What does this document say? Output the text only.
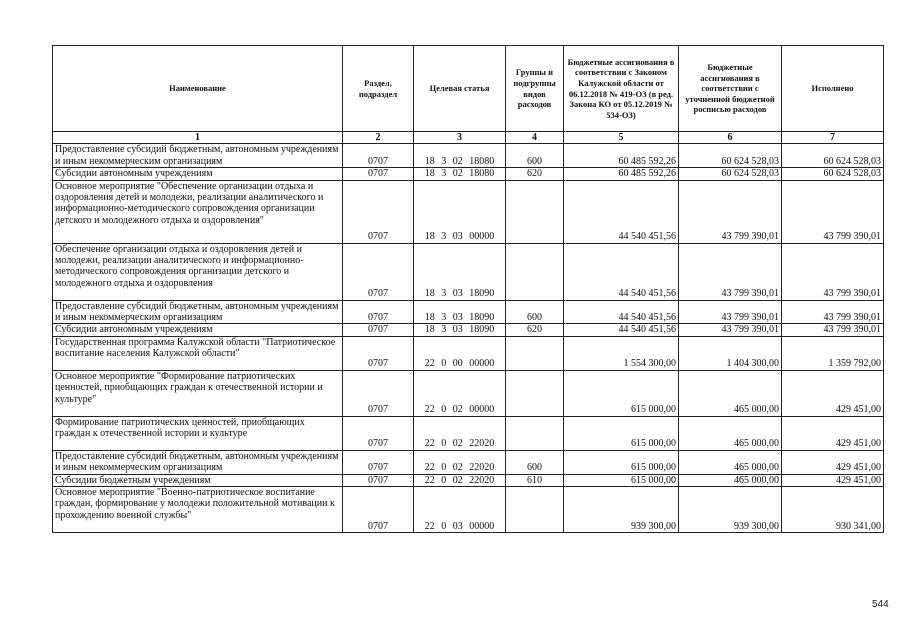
Наименование	Раздел, подраздел	Целевая статья	Группы и подгруппы видов расходов	Бюджетные ассигнования в соответствии с Законом Калужской области от 06.12.2018 № 419-ОЗ (в ред. Закона КО от 05.12.2019 № 534-ОЗ)	Бюджетные ассигнования в соответствии с уточненной бюджетной росписью расходов	Исполнено
1	2	3	4	5	6	7
Предоставление субсидий бюджетным, автономным учреждениям и иным некоммерческим организациям	0707	18 3 02 18080	600	60 485 592,26	60 624 528,03	60 624 528,03
Субсидии автономным учреждениям	0707	18 3 02 18080	620	60 485 592,26	60 624 528,03	60 624 528,03
Основное мероприятие "Обеспечение организации отдыха и оздоровления детей и молодежи, реализации аналитического и информационно-методического сопровождения организации детского и молодежного отдыха и оздоровления"	0707	18 3 03 00000		44 540 451,56	43 799 390,01	43 799 390,01
Обеспечение организации отдыха и оздоровления детей и молодежи, реализации аналитического и информационно-методического сопровождения организации детского и молодежного отдыха и оздоровления	0707	18 3 03 18090		44 540 451,56	43 799 390,01	43 799 390,01
Предоставление субсидий бюджетным, автономным учреждениям и иным некоммерческим организациям	0707	18 3 03 18090	600	44 540 451,56	43 799 390,01	43 799 390,01
Субсидии автономным учреждениям	0707	18 3 03 18090	620	44 540 451,56	43 799 390,01	43 799 390,01
Государственная программа Калужской области "Патриотическое воспитание населения Калужской области"	0707	22 0 00 00000		1 554 300,00	1 404 300,00	1 359 792,00
Основное мероприятие "Формирование патриотических ценностей, приобщающих граждан к отечественной истории и культуре"	0707	22 0 02 00000		615 000,00	465 000,00	429 451,00
Формирование патриотических ценностей, приобщающих граждан к отечественной истории и культуре	0707	22 0 02 22020		615 000,00	465 000,00	429 451,00
Предоставление субсидий бюджетным, автономным учреждениям и иным некоммерческим организациям	0707	22 0 02 22020	600	615 000,00	465 000,00	429 451,00
Субсидии бюджетным учреждениям	0707	22 0 02 22020	610	615 000,00	465 000,00	429 451,00
Основное мероприятие "Военно-патриотическое воспитание граждан, формирование у молодежи положительной мотивации к прохождению военной службы"	0707	22 0 03 00000		939 300,00	939 300,00	930 341,00
544
